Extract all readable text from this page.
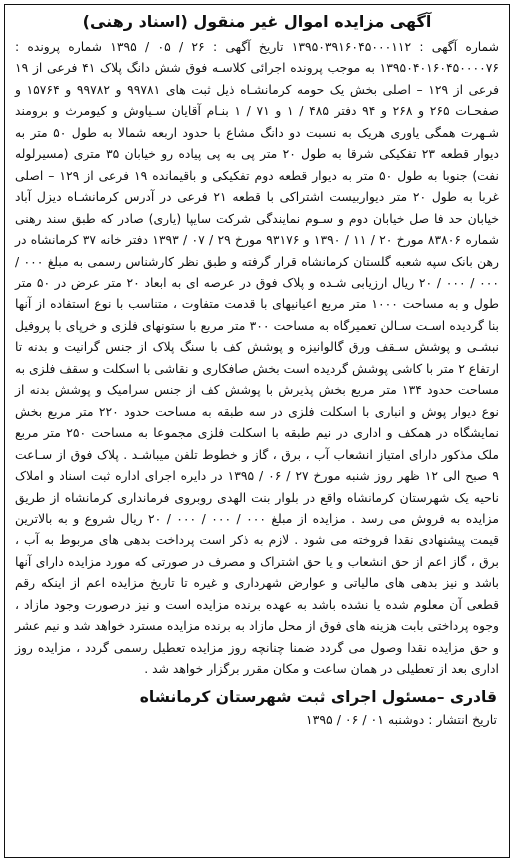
آگهی مزایده اموال غیر منقول (اسناد رهنی)

شماره آگهی : ۱۳۹۵۰۳۹۱۶۰۴۵۰۰۰۱۱۲ تاریخ آگهی : ۲۶ / ۰۵ / ۱۳۹۵ شماره پرونده : ۱۳۹۵۰۴۰۱۶۰۴۵۰۰۰۰۷۶ به موجب پرونده اجرائی کلاسـه فوق شش دانگ پلاک ۴۱ فرعی از ۱۹ فرعی از ۱۲۹ – اصلی بخش یک حومه کرمانشـاه ذیل ثبت های ۹۹۷۸۱ و ۹۹۷۸۲ و ۱۵۷۶۴ و صفحـات ۲۶۵ و ۲۶۸ و ۹۴ دفتر ۴۸۵ / ۱ و ۷۱ / ۱ بنـام آقایان سـیاوش و کیومرث و برومند شـهرت همگی یاوری هریک به نسبت دو دانگ مشاع با حدود اربعه شمالا به طول ۵۰ متر به دیوار قطعه ۲۳ تفکیکی شرقا به طول ۲۰ متر پی به پی پیاده رو خیابان ۳۵ متری (مسیرلوله نفت) جنوبا به طول ۵۰ متر به دیوار قطعه دوم تفکیکی و باقیمانده ۱۹ فرعی از ۱۲۹ – اصلی غربا به طول ۲۰ متر دیواربیست اشتراکی با قطعه ۲۱ فرعی در آدرس کرمانشـاه دیزل آباد خیابان حد فا صل خیابان دوم و سـوم نمایندگی شرکت سایپا (یاری) صادر که طبق سند رهنی شماره ۸۳۸۰۶ مورخ ۲۰ / ۱۱ / ۱۳۹۰ و ۹۳۱۷۶ مورخ ۲۹ / ۰۷ / ۱۳۹۳ دفتر خانه ۳۷ کرمانشاه در رهن بانک سپه شعبه گلستان کرمانشاه قرار گرفته و طبق نظر کارشناس رسمی به مبلغ ۰۰۰ / ۰۰۰ / ۰۰۰ / ۲۰ ریال ارزیابی شـده و پلاک فوق در عرصه ای به ابعاد ۲۰ متر عرض در ۵۰ متر طول و به مساحت ۱۰۰۰ متر مربع اعیانیهای با قدمت متفاوت ، متناسب با نوع استفاده از آنها بنا گردیده اسـت سـالن تعمیرگاه به مساحت ۳۰۰ متر مربع با ستونهای فلزی و خرپای با پروفیل نبشـی و پوشش سـقف ورق گالوانیزه و پوشش کف با سنگ پلاک از جنس گرانیت و بدنه تا ارتفاع ۲ متر با کاشی پوشش گردیده است بخش صافکاری و نقاشی با اسکلت و سقف فلزی به مساحت حدود ۱۳۴ متر مربع بخش پذیرش با پوشش کف از جنس سرامیک و پوشش بدنه از نوع دیوار پوش و انباری با اسکلت فلزی در سه طبقه به مساحت حدود ۲۲۰ متر مربع بخش نمایشگاه در همکف و اداری در نیم طبقه با اسکلت فلزی مجموعا به مساحت ۲۵۰ متر مربع ملک مذکور دارای امتیاز انشعاب آب ، برق ، گاز و خطوط تلفن میباشـد . پلاک فوق از سـاعت ۹ صبح الی ۱۲ ظهر روز شنبه مورخ ۲۷ / ۰۶ / ۱۳۹۵ در دایره اجرای اداره ثبت اسناد و املاک ناحیه یک شهرستان کرمانشاه واقع در بلوار بنت الهدی روبروی فرمانداری کرمانشاه از طریق مزایده به فروش می رسد . مزایده از مبلغ ۰۰۰ / ۰۰۰ / ۰۰۰ / ۲۰ ریال شروع و به بالاترین قیمت پیشنهادی نقدا فروخته می شود . لازم به ذکر است پرداخت بدهی های مربوط به آب ، برق ، گاز اعم از حق انشعاب و یا حق اشتراک و مصرف در صورتی که مورد مزایده دارای آنها باشد و نیز بدهی های مالیاتی و عوارض شهرداری و غیره تا تاریخ مزایده اعم از اینکه رقم قطعی آن معلوم شده یا نشده باشد به عهده برنده مزایده است و نیز درصورت وجود مازاد ، وجوه پرداختی بابت هزینه های فوق از محل مازاد به برنده مزایده مسترد خواهد شد و نیم عشر و حق مزایده نقدا وصول می گردد ضمنا چنانچه روز مزایده تعطیل رسمی گردد ، مزایده روز اداری بعد از تعطیلی در همان ساعت و مکان مقرر برگزار خواهد شد .

قادری –مسئول اجرای ثبت شهرستان کرمانشاه
تاریخ انتشار : دوشنبه ۰۱ / ۰۶ / ۱۳۹۵
